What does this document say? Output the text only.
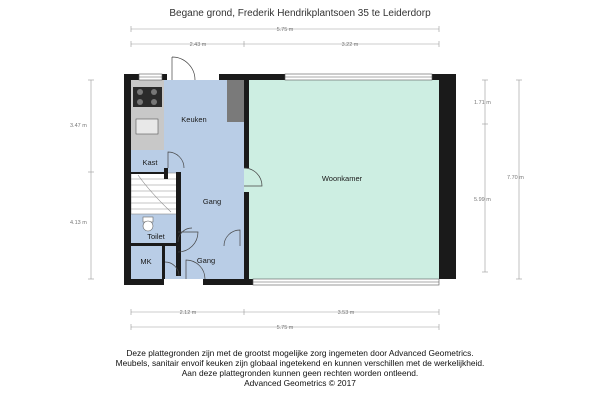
Begane grond, Frederik Hendrikplantsoen 35 te Leiderdorp
5.75 m
2.43 m	3.22 m
2.12 m	3.53 m
5.75 m
3.47 m
4.13 m
1.71 m
5.99 m
7.70 m
Keuken
Woonkamer
Kast
Gang
Toilet
MK	Gang
Deze plattegronden zijn met de grootst mogelijke zorg ingemeten door Advanced Geometrics.
Meubels, sanitair envoif keuken zijn globaal ingetekend en kunnen verschillen met de werkelijkheid.
Aan deze plattegronden kunnen geen rechten worden ontleend.
Advanced Geometrics © 2017
